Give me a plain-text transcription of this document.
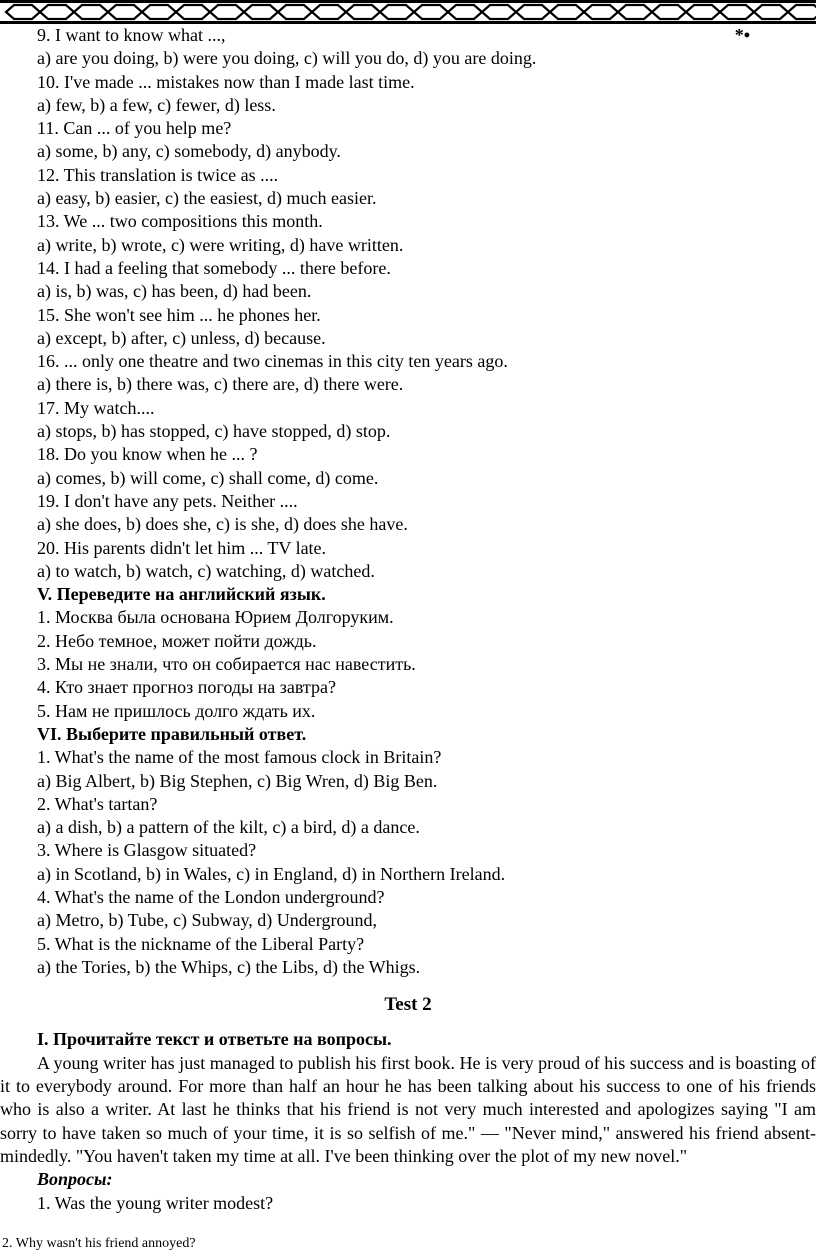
*•
9. I want to know what ...,
a) are you doing, b) were you doing, c) will you do, d) you are doing.
10. I've made ... mistakes now than I made last time.
a) few, b) a few, c) fewer, d) less.
11. Can ... of you help me?
a) some, b) any, c) somebody, d) anybody.
12. This translation is twice as ....
a) easy, b) easier, c) the easiest, d) much easier.
13. We ... two compositions this month.
a) write, b) wrote, c) were writing, d) have written.
14. I had a feeling that somebody ... there before.
a) is, b) was, c) has been, d) had been.
15. She won't see him ... he phones her.
a) except, b) after, c) unless, d) because.
16. ... only one theatre and two cinemas in this city ten years ago.
a) there is, b) there was, c) there are, d) there were.
17. My watch....
a) stops, b) has stopped, c) have stopped, d) stop.
18. Do you know when he ... ?
a) comes, b) will come, c) shall come, d) come.
19. I don't have any pets. Neither ....
a) she does, b) does she, c) is she, d) does she have.
20. His parents didn't let him ... TV late.
a) to watch, b) watch, c) watching, d) watched.
V. Переведите на английский язык.
1. Москва была основана Юрием Долгоруким.
2. Небо темное, может пойти дождь.
3. Мы не знали, что он собирается нас навестить.
4. Кто знает прогноз погоды на завтра?
5. Нам не пришлось долго ждать их.
VI. Выберите правильный ответ.
1. What's the name of the most famous clock in Britain?
a) Big Albert, b) Big Stephen, c) Big Wren, d) Big Ben.
2. What's tartan?
a) a dish, b) a pattern of the kilt, c) a bird, d) a dance.
3. Where is Glasgow situated?
a) in Scotland, b) in Wales, c) in England, d) in Northern Ireland.
4. What's the name of the London underground?
a) Metro, b) Tube, c) Subway, d) Underground,
5. What is the nickname of the Liberal Party?
a) the Tories, b) the Whips, c) the Libs, d) the Whigs.
Test 2
I. Прочитайте текст и ответьте на вопросы.

A young writer has just managed to publish his first book. He is very proud of his success and is boasting of it to everybody around. For more than half an hour he has been talking about his success to one of his friends who is also a writer. At last he thinks that his friend is not very much interested and apologizes saying "I am sorry to have taken so much of your time, it is so selfish of me." — "Never mind," answered his friend absent-mindedly. "You haven't taken my time at all. I've been thinking over the plot of my new novel."

Вопросы:
1. Was the young writer modest?
2. Why wasn't his friend annoyed?
